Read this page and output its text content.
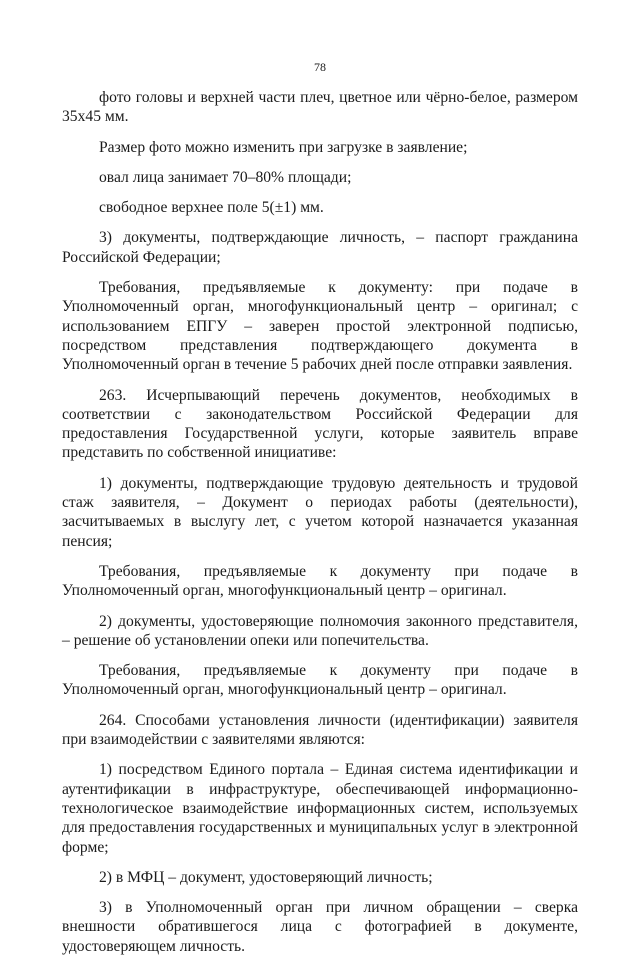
78

фото головы и верхней части плеч, цветное или чёрно-белое, размером 35х45 мм.

Размер фото можно изменить при загрузке в заявление;

овал лица занимает 70–80% площади;

свободное верхнее поле 5(±1) мм.

3) документы, подтверждающие личность, – паспорт гражданина Российской Федерации;

Требования, предъявляемые к документу: при подаче в Уполномоченный орган, многофункциональный центр – оригинал; с использованием ЕПГУ – заверен простой электронной подписью, посредством представления подтверждающего документа в Уполномоченный орган в течение 5 рабочих дней после отправки заявления.

263. Исчерпывающий перечень документов, необходимых в соответствии с законодательством Российской Федерации для предоставления Государственной услуги, которые заявитель вправе представить по собственной инициативе:

1) документы, подтверждающие трудовую деятельность и трудовой стаж заявителя, – Документ о периодах работы (деятельности), засчитываемых в выслугу лет, с учетом которой назначается указанная пенсия;

Требования, предъявляемые к документу при подаче в Уполномоченный орган, многофункциональный центр – оригинал.

2) документы, удостоверяющие полномочия законного представителя, – решение об установлении опеки или попечительства.

Требования, предъявляемые к документу при подаче в Уполномоченный орган, многофункциональный центр – оригинал.

264. Способами установления личности (идентификации) заявителя при взаимодействии с заявителями являются:

1) посредством Единого портала – Единая система идентификации и аутентификации в инфраструктуре, обеспечивающей информационно-технологическое взаимодействие информационных систем, используемых для предоставления государственных и муниципальных услуг в электронной форме;

2) в МФЦ – документ, удостоверяющий личность;

3) в Уполномоченный орган при личном обращении – сверка внешности обратившегося лица с фотографией в документе, удостоверяющем личность.
